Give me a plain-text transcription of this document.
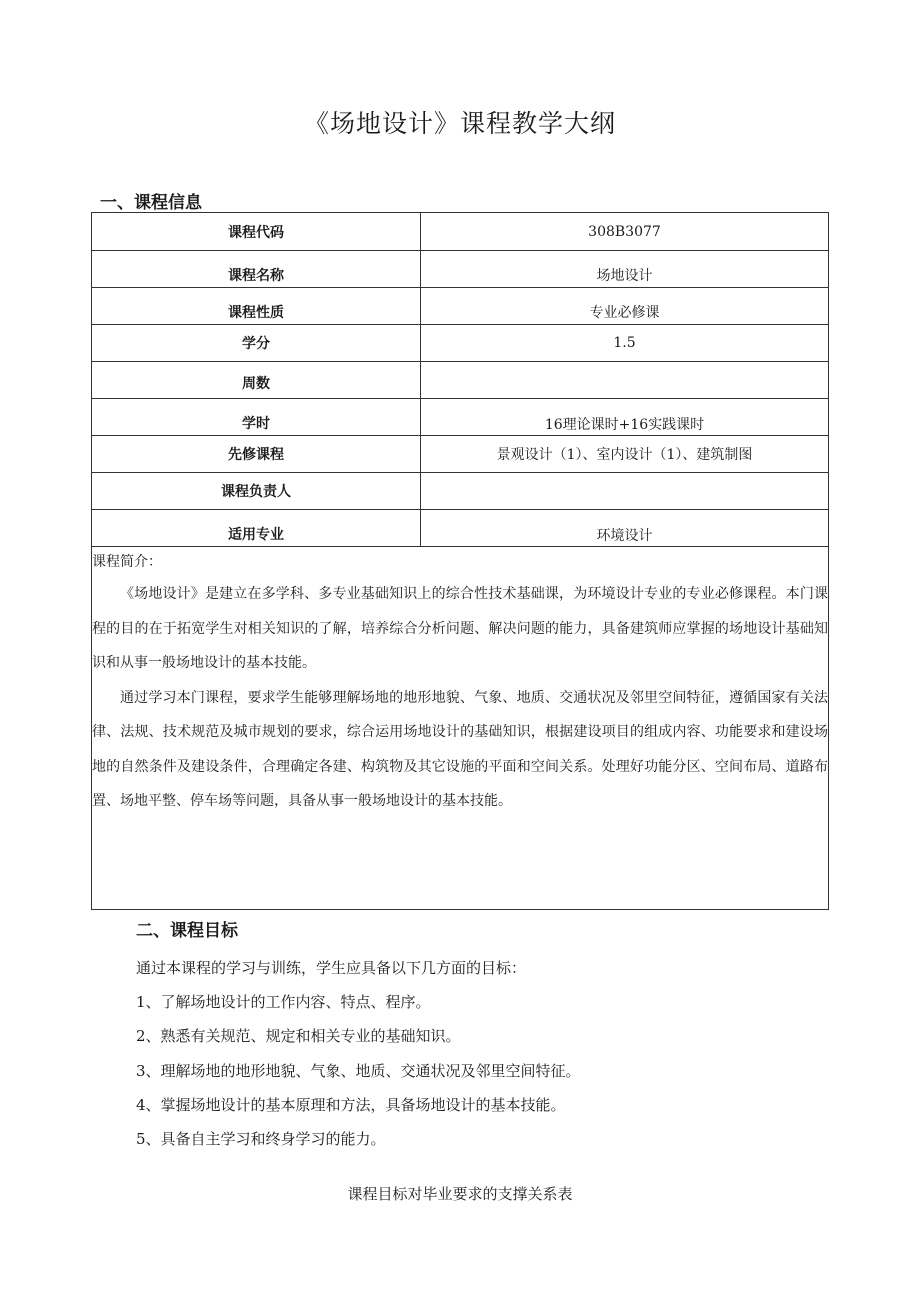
《场地设计》课程教学大纲
一、课程信息
课程代码	308B3077
课程名称	场地设计
课程性质	专业必修课
学分	1.5
周数	
学时	16理论课时+16实践课时
先修课程	景观设计（1）、室内设计（1）、建筑制图
课程负责人	
适用专业	环境设计

课程简介：

《场地设计》是建立在多学科、多专业基础知识上的综合性技术基础课，为环境设计专业的专业必修课程。本门课程的目的在于拓宽学生对相关知识的了解，培养综合分析问题、解决问题的能力，具备建筑师应掌握的场地设计基础知识和从事一般场地设计的基本技能。

通过学习本门课程，要求学生能够理解场地的地形地貌、气象、地质、交通状况及邻里空间特征，遵循国家有关法律、法规、技术规范及城市规划的要求，综合运用场地设计的基础知识，根据建设项目的组成内容、功能要求和建设场地的自然条件及建设条件，合理确定各建、构筑物及其它设施的平面和空间关系。处理好功能分区、空间布局、道路布置、场地平整、停车场等问题，具备从事一般场地设计的基本技能。	

二、课程目标
通过本课程的学习与训练，学生应具备以下几方面的目标：
1、了解场地设计的工作内容、特点、程序。
2、熟悉有关规范、规定和相关专业的基础知识。
3、理解场地的地形地貌、气象、地质、交通状况及邻里空间特征。
4、掌握场地设计的基本原理和方法，具备场地设计的基本技能。
5、具备自主学习和终身学习的能力。
课程目标对毕业要求的支撑关系表
